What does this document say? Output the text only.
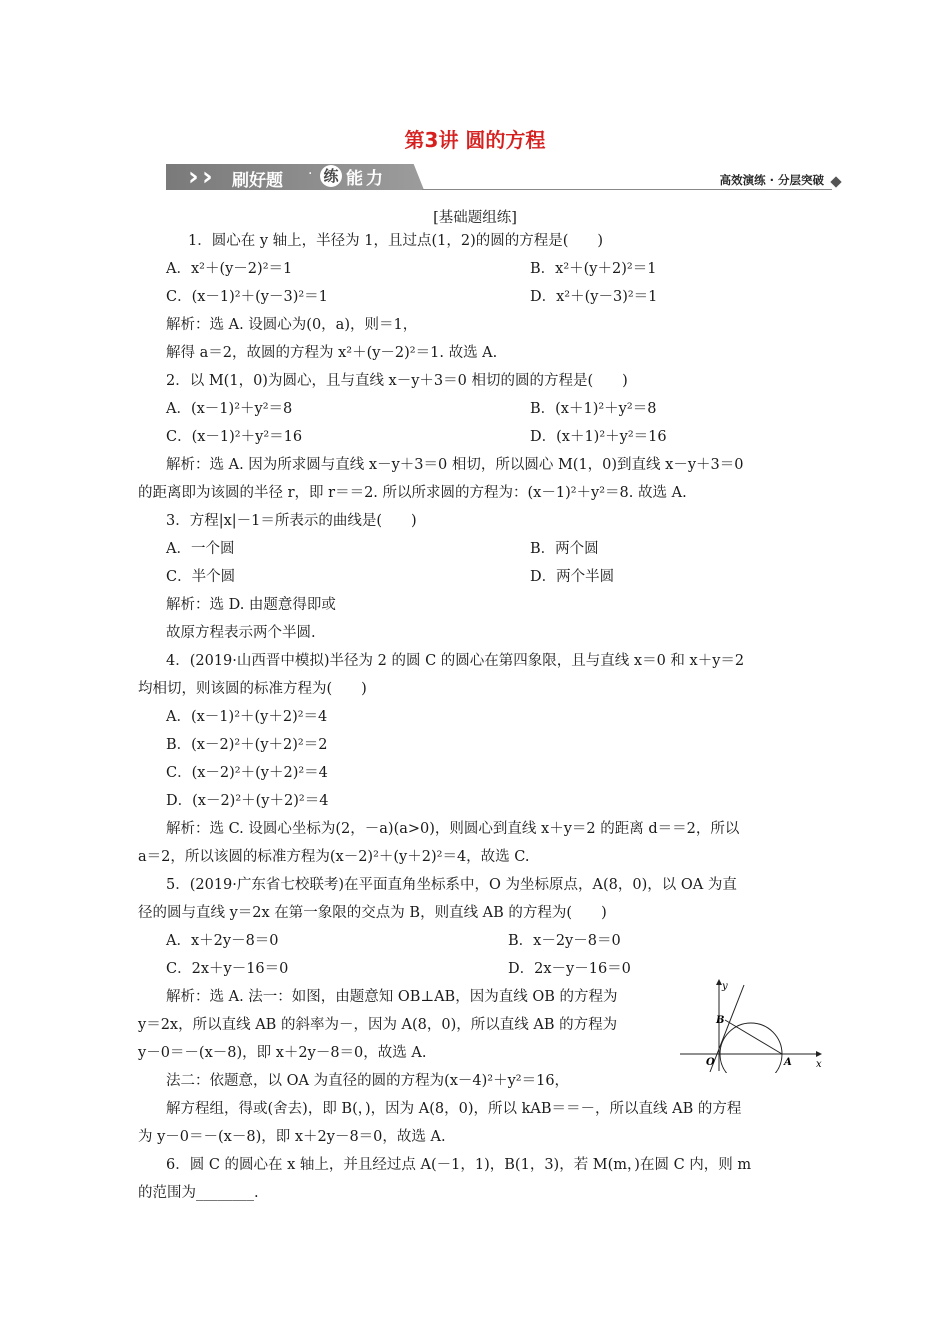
第3讲 圆的方程
› › 刷好题 · 练 能 力	高效演练 · 分层突破
[基础题组练]
1．圆心在 y 轴上，半径为 1，且过点(1，2)的圆的方程是(　　)
A．x²＋(y－2)²＝1	B．x²＋(y＋2)²＝1
C．(x－1)²＋(y－3)²＝1	D．x²＋(y－3)²＝1
解析：选 A. 设圆心为(0，a)，则＝1，
解得 a＝2，故圆的方程为 x²＋(y－2)²＝1. 故选 A.
2．以 M(1，0)为圆心，且与直线 x－y＋3＝0 相切的圆的方程是(　　)
A．(x－1)²＋y²＝8	B．(x＋1)²＋y²＝8
C．(x－1)²＋y²＝16	D．(x＋1)²＋y²＝16
解析：选 A. 因为所求圆与直线 x－y＋3＝0 相切，所以圆心 M(1，0)到直线 x－y＋3＝0
的距离即为该圆的半径 r，即 r＝＝2. 所以所求圆的方程为：(x－1)²＋y²＝8. 故选 A.
3．方程|x|－1＝所表示的曲线是(　　)
A．一个圆	B．两个圆
C．半个圆	D．两个半圆
解析：选 D. 由题意得即或
故原方程表示两个半圆.
4．(2019·山西晋中模拟)半径为 2 的圆 C 的圆心在第四象限，且与直线 x＝0 和 x＋y＝2
均相切，则该圆的标准方程为(　　)
A．(x－1)²＋(y＋2)²＝4
B．(x－2)²＋(y＋2)²＝2
C．(x－2)²＋(y＋2)²＝4
D．(x－2)²＋(y＋2)²＝4
解析：选 C. 设圆心坐标为(2，－a)(a>0)，则圆心到直线 x＋y＝2 的距离 d＝＝2，所以
a＝2，所以该圆的标准方程为(x－2)²＋(y＋2)²＝4，故选 C.
5．(2019·广东省七校联考)在平面直角坐标系中，O 为坐标原点，A(8，0)，以 OA 为直
径的圆与直线 y＝2x 在第一象限的交点为 B，则直线 AB 的方程为(　　)
A．x＋2y－8＝0	B．x－2y－8＝0
C．2x＋y－16＝0	D．2x－y－16＝0
解析：选 A. 法一：如图，由题意知 OB⊥AB，因为直线 OB 的方程为
y＝2x，所以直线 AB 的斜率为－，因为 A(8，0)，所以直线 AB 的方程为
y－0＝－(x－8)，即 x＋2y－8＝0，故选 A.
法二：依题意，以 OA 为直径的圆的方程为(x－4)²＋y²＝16，
解方程组，得或(舍去)，即 B(，)，因为 A(8，0)，所以 kAB＝＝－，所以直线 AB 的方程
为 y－0＝－(x－8)，即 x＋2y－8＝0，故选 A.
6．圆 C 的圆心在 x 轴上，并且经过点 A(－1，1)，B(1，3)，若 M(m，)在圆 C 内，则 m
的范围为________.
y
x
O	A
B
